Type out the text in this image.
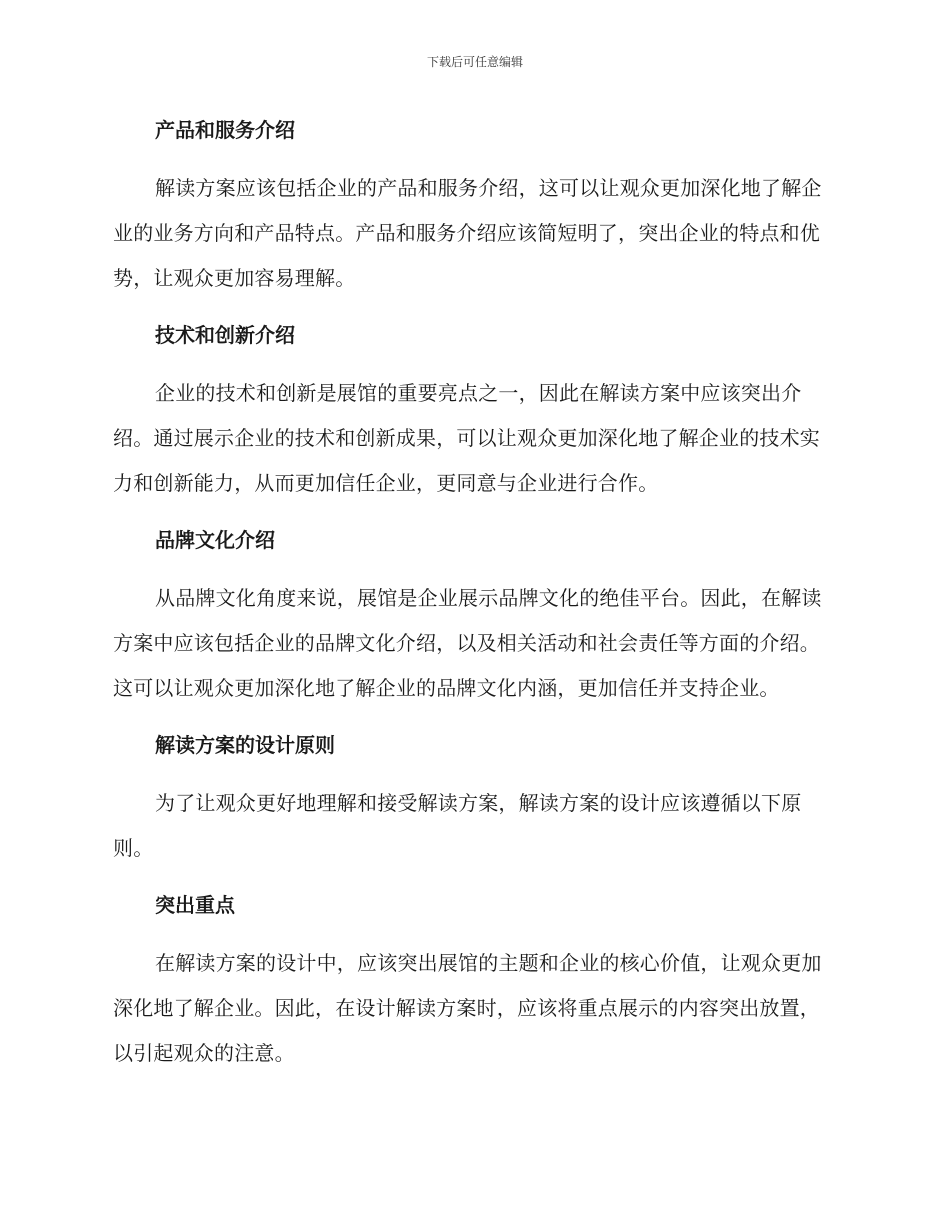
下载后可任意编辑
产品和服务介绍

解读方案应该包括企业的产品和服务介绍，这可以让观众更加深化地了解企业的业务方向和产品特点。产品和服务介绍应该简短明了，突出企业的特点和优势，让观众更加容易理解。

技术和创新介绍

企业的技术和创新是展馆的重要亮点之一，因此在解读方案中应该突出介绍。通过展示企业的技术和创新成果，可以让观众更加深化地了解企业的技术实力和创新能力，从而更加信任企业，更同意与企业进行合作。

品牌文化介绍

从品牌文化角度来说，展馆是企业展示品牌文化的绝佳平台。因此，在解读方案中应该包括企业的品牌文化介绍，以及相关活动和社会责任等方面的介绍。这可以让观众更加深化地了解企业的品牌文化内涵，更加信任并支持企业。

解读方案的设计原则

为了让观众更好地理解和接受解读方案，解读方案的设计应该遵循以下原则。

突出重点

在解读方案的设计中，应该突出展馆的主题和企业的核心价值，让观众更加深化地了解企业。因此，在设计解读方案时，应该将重点展示的内容突出放置，以引起观众的注意。
